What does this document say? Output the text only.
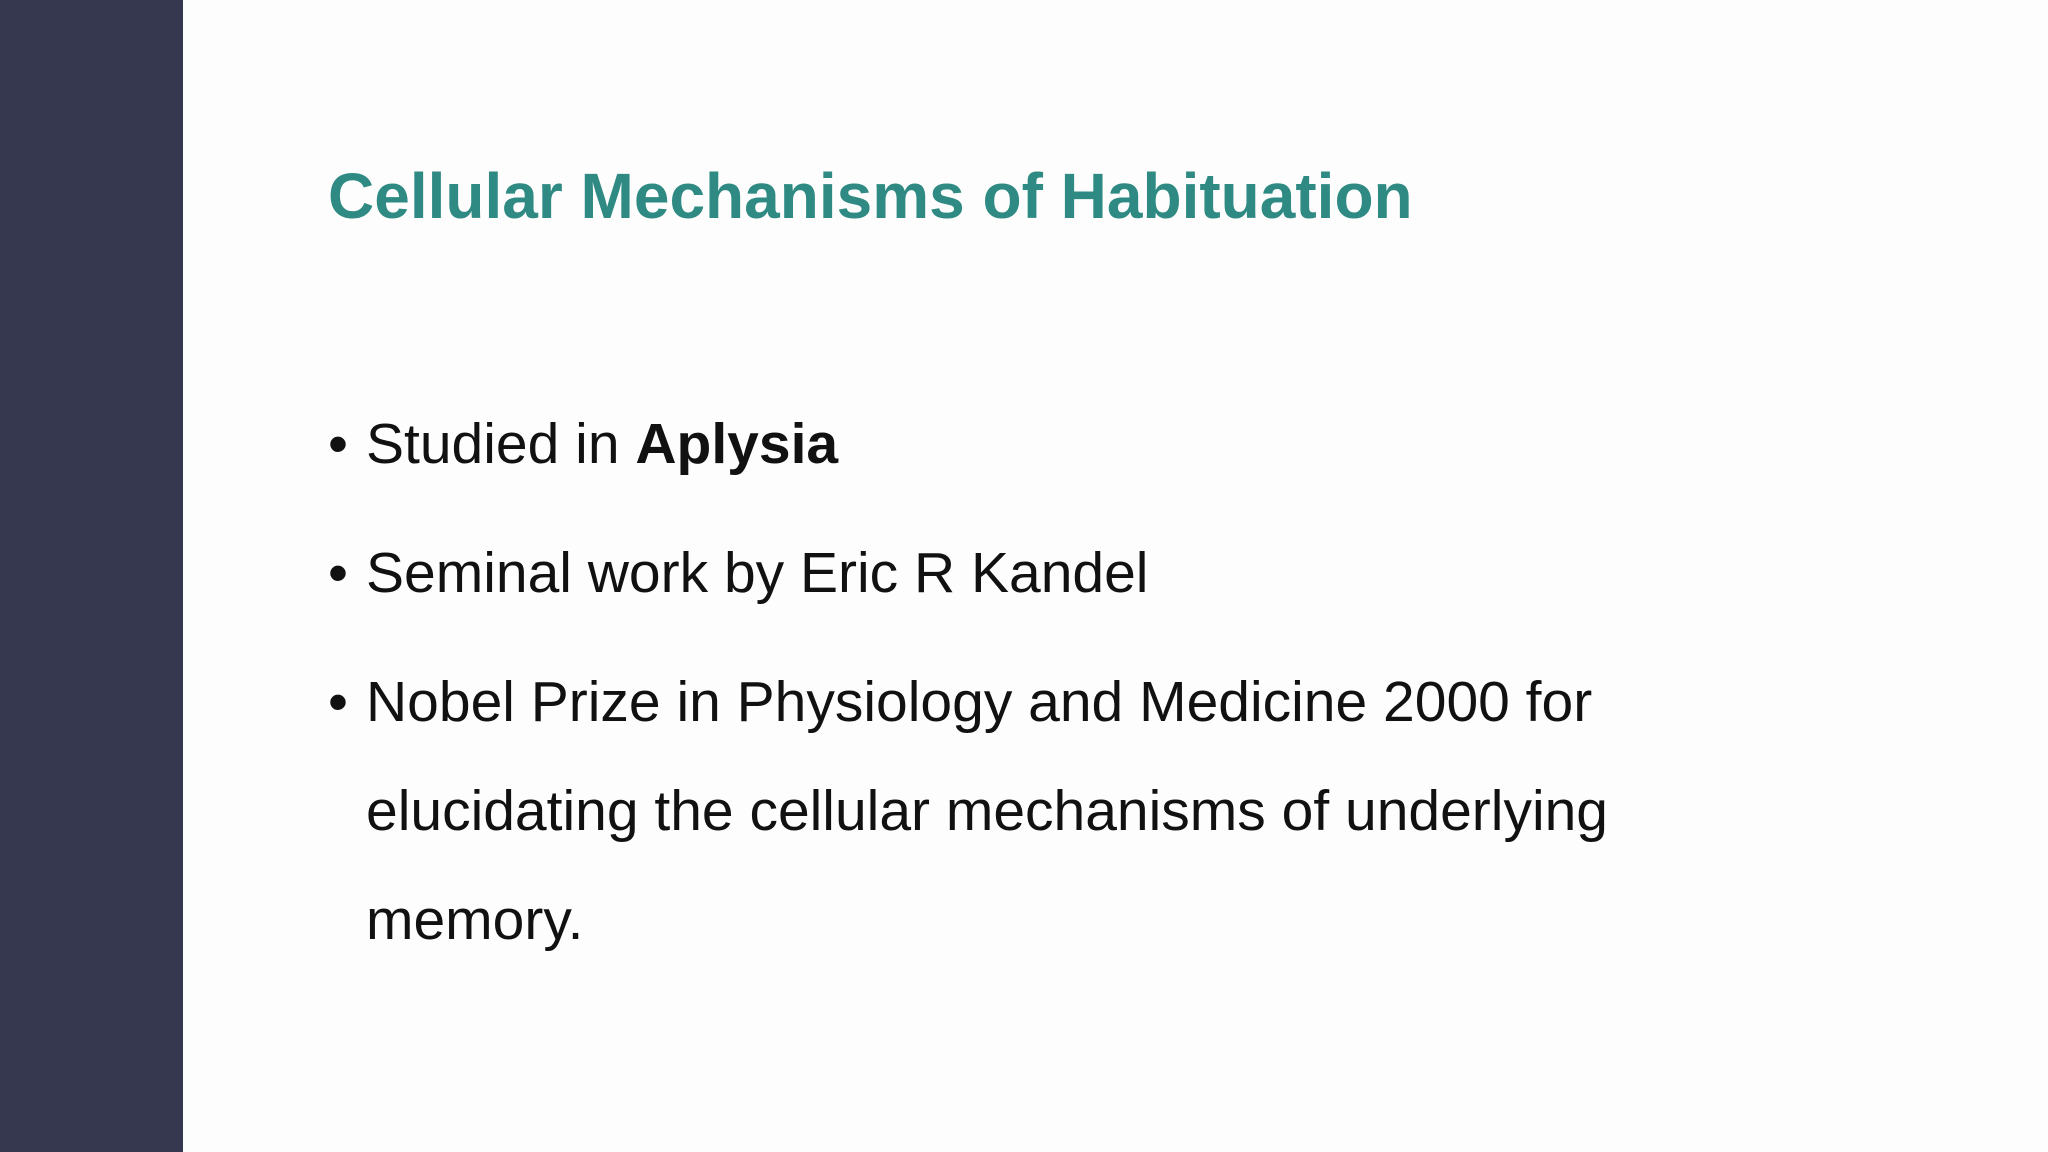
Cellular Mechanisms of Habituation
• Studied in Aplysia
• Seminal work by Eric R Kandel
• Nobel Prize in Physiology and Medicine 2000 for elucidating the cellular mechanisms of underlying memory.
